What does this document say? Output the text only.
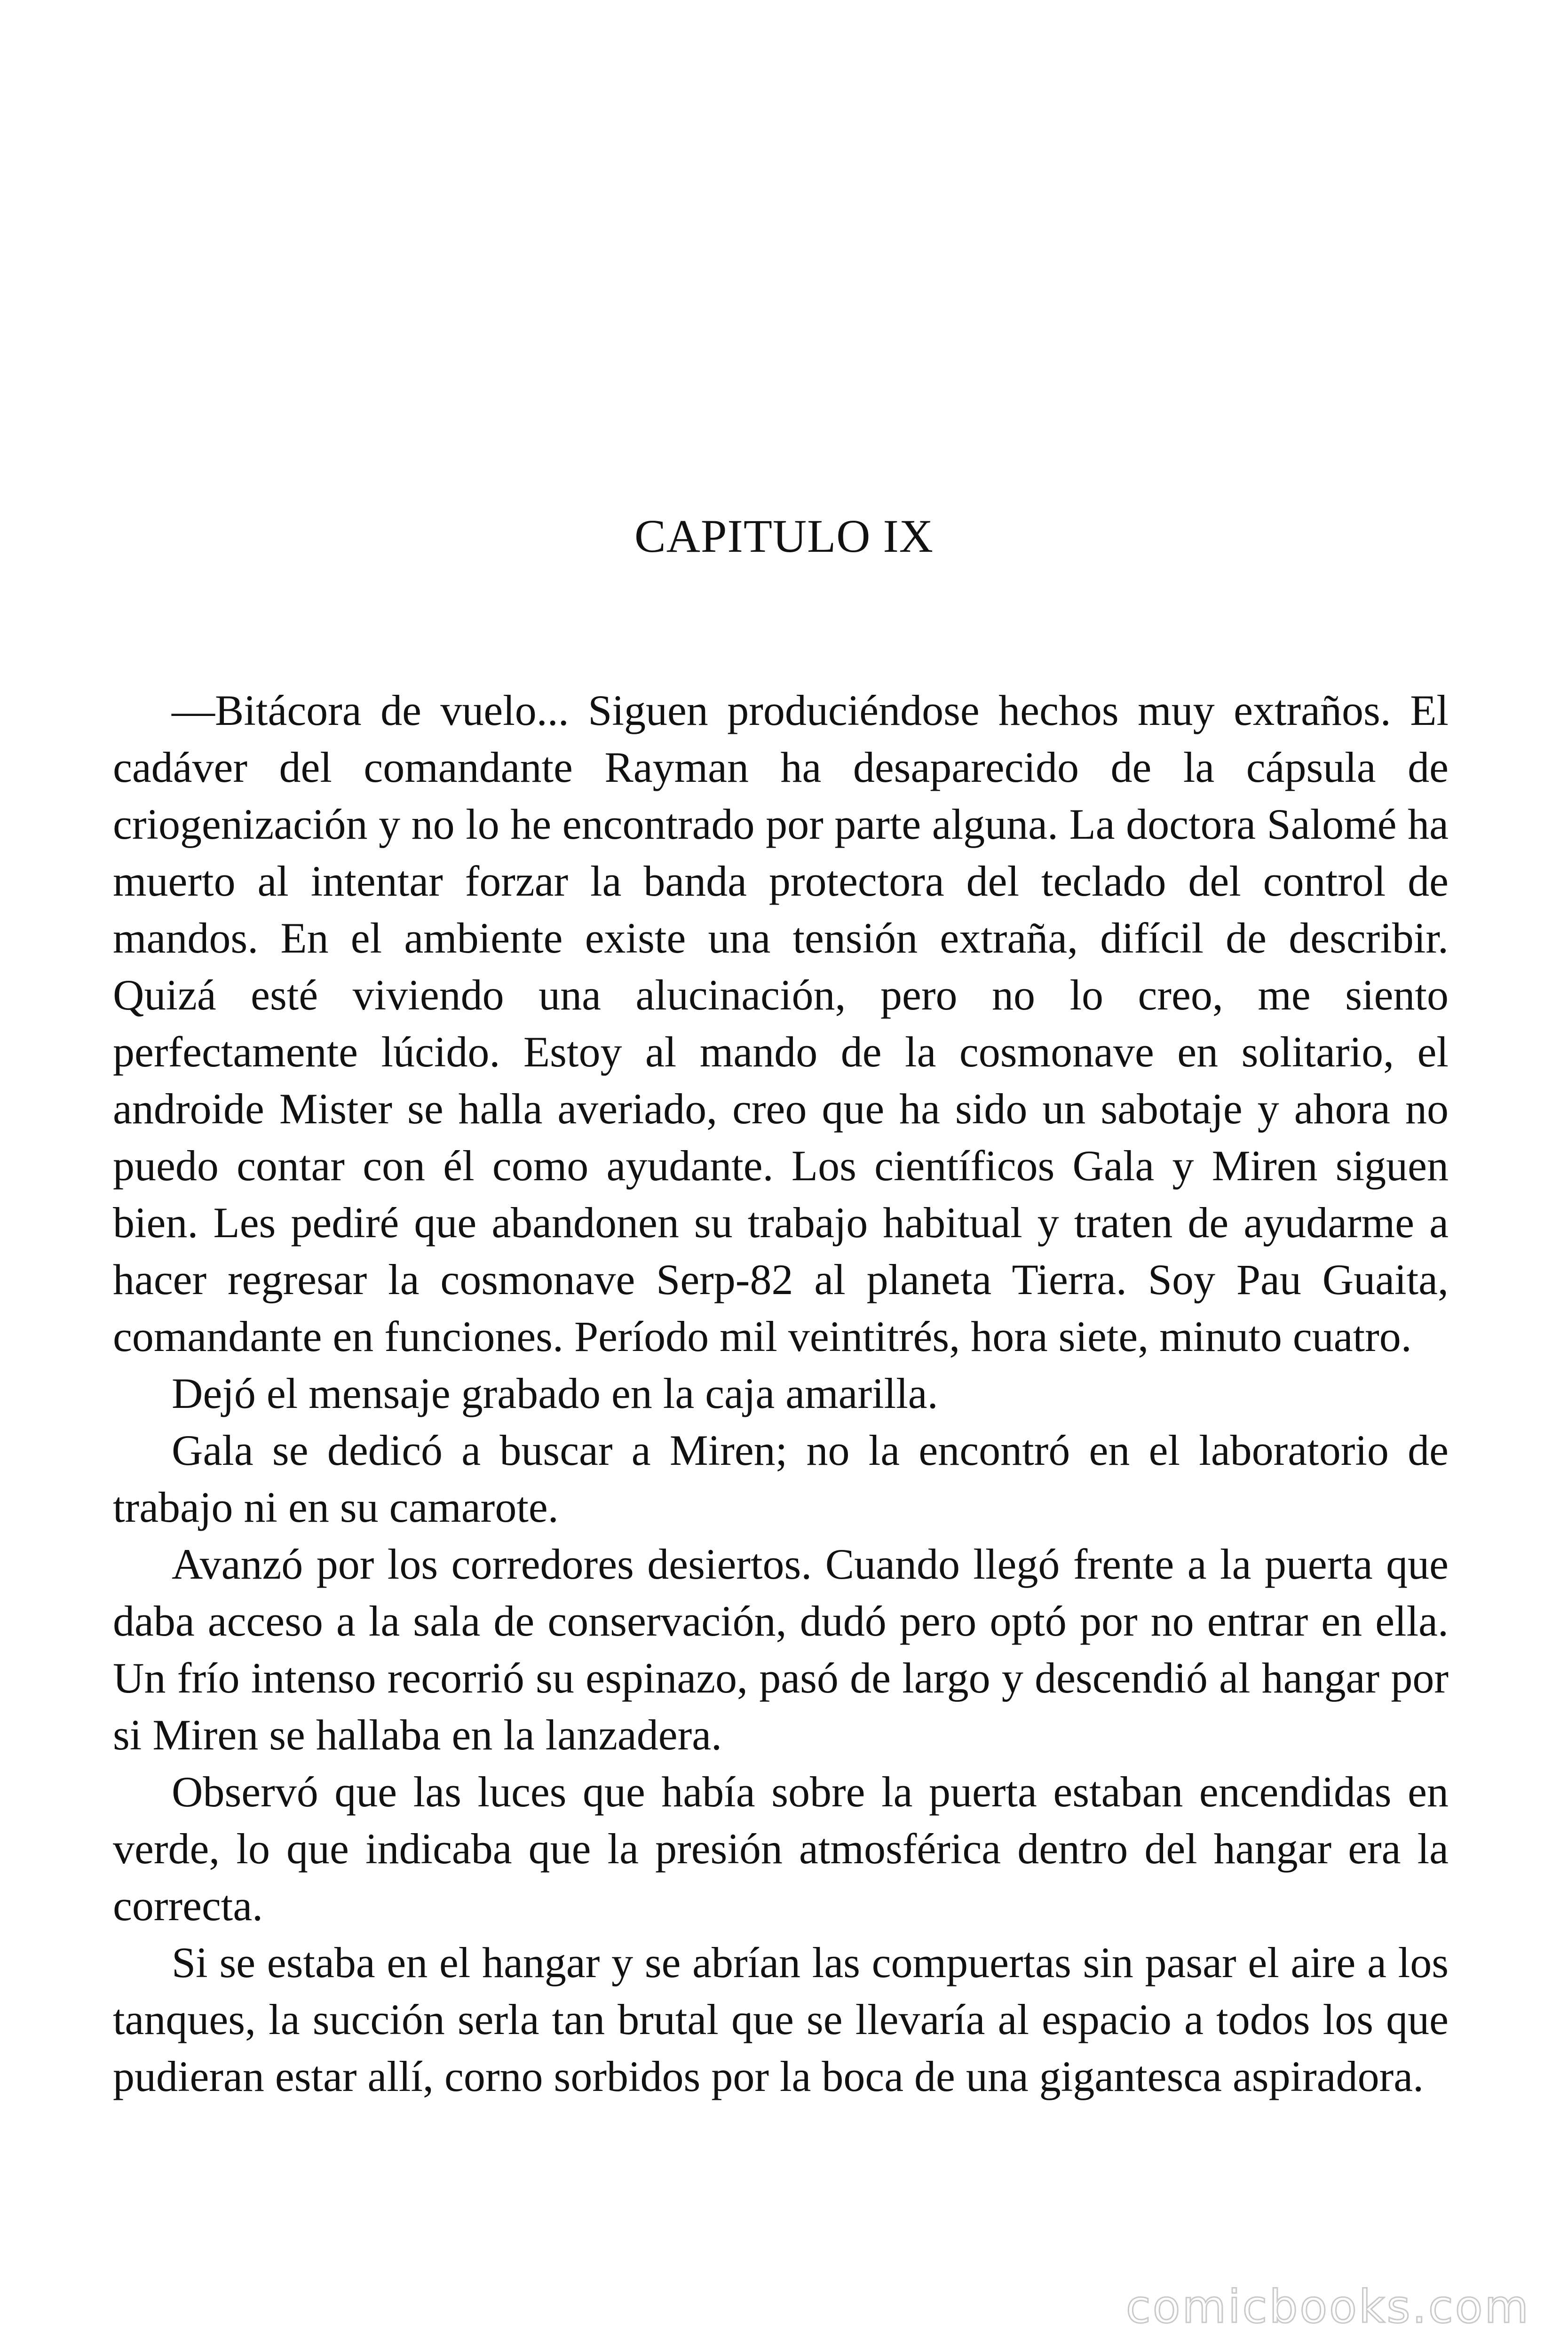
CAPITULO IX

—Bitácora de vuelo... Siguen produciéndose hechos muy extraños. El cadáver del comandante Rayman ha desaparecido de la cápsula de criogenización y no lo he encontrado por parte alguna. La doctora Salomé ha muerto al intentar forzar la banda protectora del teclado del control de mandos. En el ambiente existe una tensión extraña, difícil de describir. Quizá esté viviendo una alucinación, pero no lo creo, me siento perfectamente lúcido. Estoy al mando de la cosmonave en solitario, el androide Mister se halla averiado, creo que ha sido un sabotaje y ahora no puedo contar con él como ayudante. Los científicos Gala y Miren siguen bien. Les pediré que abandonen su trabajo habitual y traten de ayudarme a hacer regresar la cosmonave Serp-82 al planeta Tierra. Soy Pau Guaita, comandante en funciones. Período mil veintitrés, hora siete, minuto cuatro.

Dejó el mensaje grabado en la caja amarilla.

Gala se dedicó a buscar a Miren; no la encontró en el laboratorio de trabajo ni en su camarote.

Avanzó por los corredores desiertos. Cuando llegó frente a la puerta que daba acceso a la sala de conservación, dudó pero optó por no entrar en ella. Un frío intenso recorrió su espinazo, pasó de largo y descendió al hangar por si Miren se hallaba en la lanzadera.

Observó que las luces que había sobre la puerta estaban encendidas en verde, lo que indicaba que la presión atmosférica dentro del hangar era la correcta.

Si se estaba en el hangar y se abrían las compuertas sin pasar el aire a los tanques, la succión serla tan brutal que se llevaría al espacio a todos los que pudieran estar allí, corno sorbidos por la boca de una gigantesca aspiradora.

comicbooks.com
